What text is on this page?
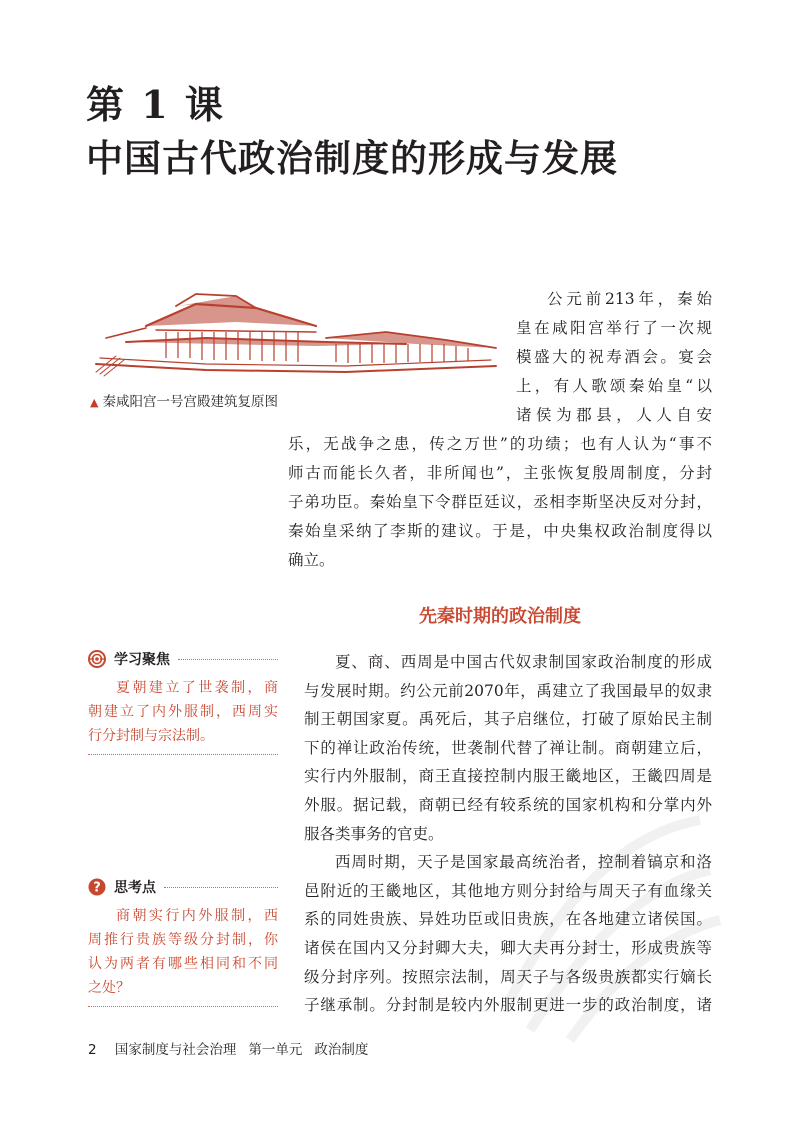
第 1 课
中国古代政治制度的形成与发展
▲ 秦咸阳宫一号宫殿建筑复原图
公元前213年，秦始
皇在咸阳宫举行了一次规
模盛大的祝寿酒会。宴会
上，有人歌颂秦始皇“以
诸侯为郡县，人人自安
乐，无战争之患，传之万世”的功绩；也有人认为“事不
师古而能长久者，非所闻也”，主张恢复殷周制度，分封
子弟功臣。秦始皇下令群臣廷议，丞相李斯坚决反对分封，
秦始皇采纳了李斯的建议。于是，中央集权政治制度得以
确立。
先秦时期的政治制度
学习聚焦
夏朝建立了世袭制，商
朝建立了内外服制，西周实
行分封制与宗法制。
? 思考点
商朝实行内外服制，西
周推行贵族等级分封制，你
认为两者有哪些相同和不同
之处？
夏、商、西周是中国古代奴隶制国家政治制度的形成
与发展时期。约公元前2070年，禹建立了我国最早的奴隶
制王朝国家夏。禹死后，其子启继位，打破了原始民主制
下的禅让政治传统，世袭制代替了禅让制。商朝建立后，
实行内外服制，商王直接控制内服王畿地区，王畿四周是
外服。据记载，商朝已经有较系统的国家机构和分掌内外
服各类事务的官吏。
西周时期，天子是国家最高统治者，控制着镐京和洛
邑附近的王畿地区，其他地方则分封给与周天子有血缘关
系的同姓贵族、异姓功臣或旧贵族，在各地建立诸侯国。
诸侯在国内又分封卿大夫，卿大夫再分封士，形成贵族等
级分封序列。按照宗法制，周天子与各级贵族都实行嫡长
子继承制。分封制是较内外服制更进一步的政治制度，诸
2 国家制度与社会治理 第一单元 政治制度
